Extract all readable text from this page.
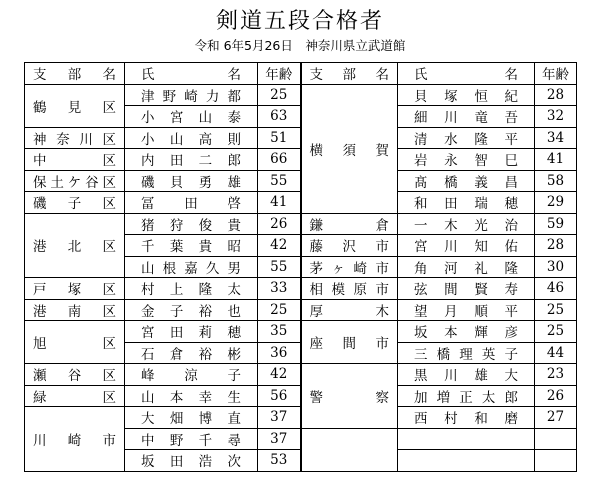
剣道五段合格者
令和 6年5月26日　神奈川県立武道館
支部名	氏名	年齢	支部名	氏名	年齢
鶴見区	津野崎力都	25	横須賀	貝塚恒紀	28
	小宮山泰	63		細川竜吾	32
神奈川区	小山高則	51		清水隆平	34
中区	内田二郎	66		岩永智巳	41
保土ケ谷区	磯貝勇雄	55		髙橋義昌	58
磯子区	冨田啓	41		和田瑞穂	29
港北区	猪狩俊貴	26	鎌倉	一木光治	59
	千葉貴昭	42	藤沢市	宮川知佑	28
	山根嘉久男	55	茅ヶ崎市	角河礼隆	30
戸塚区	村上隆太	33	相模原市	弦間賢寿	46
港南区	金子裕也	25	厚木	望月順平	25
旭区	宮田莉穂	35	座間市	坂本輝彦	25
	石倉裕彬	36		三橋理英子	44
瀬谷区	峰涼子	42	警察	黒川雄大	23
緑区	山本幸生	56		加増正太郎	26
川崎市	大畑博直	37		西村和磨	27
	中野千尋	37			
	坂田浩次	53			
